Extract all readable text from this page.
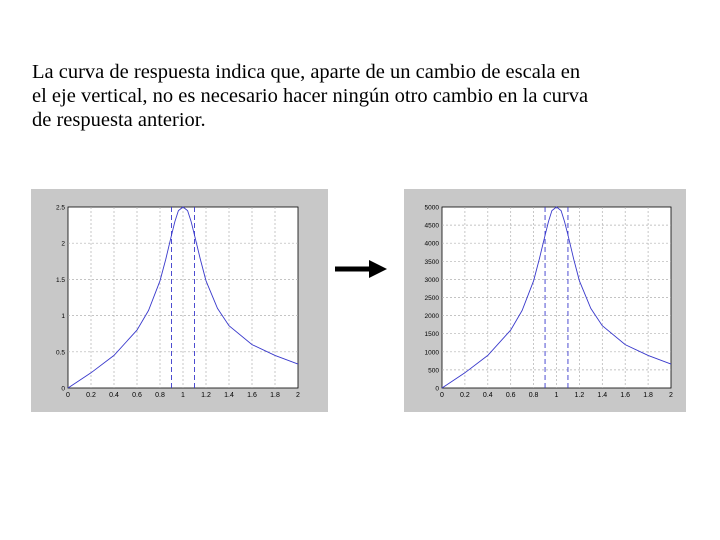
La curva de respuesta indica que, aparte de un cambio de escala en
el eje vertical, no es necesario hacer ningún otro cambio en la curva
de respuesta anterior.
0 0.2 0.4 0.6 0.8 1 1.2 1.4 1.6 1.8 2
0
0.5
1
1.5
2
2.5
0 0.2 0.4 0.6 0.8 1 1.2 1.4 1.6 1.8 2
0
500
1000
1500
2000
2500
3000
3500
4000
4500
5000
